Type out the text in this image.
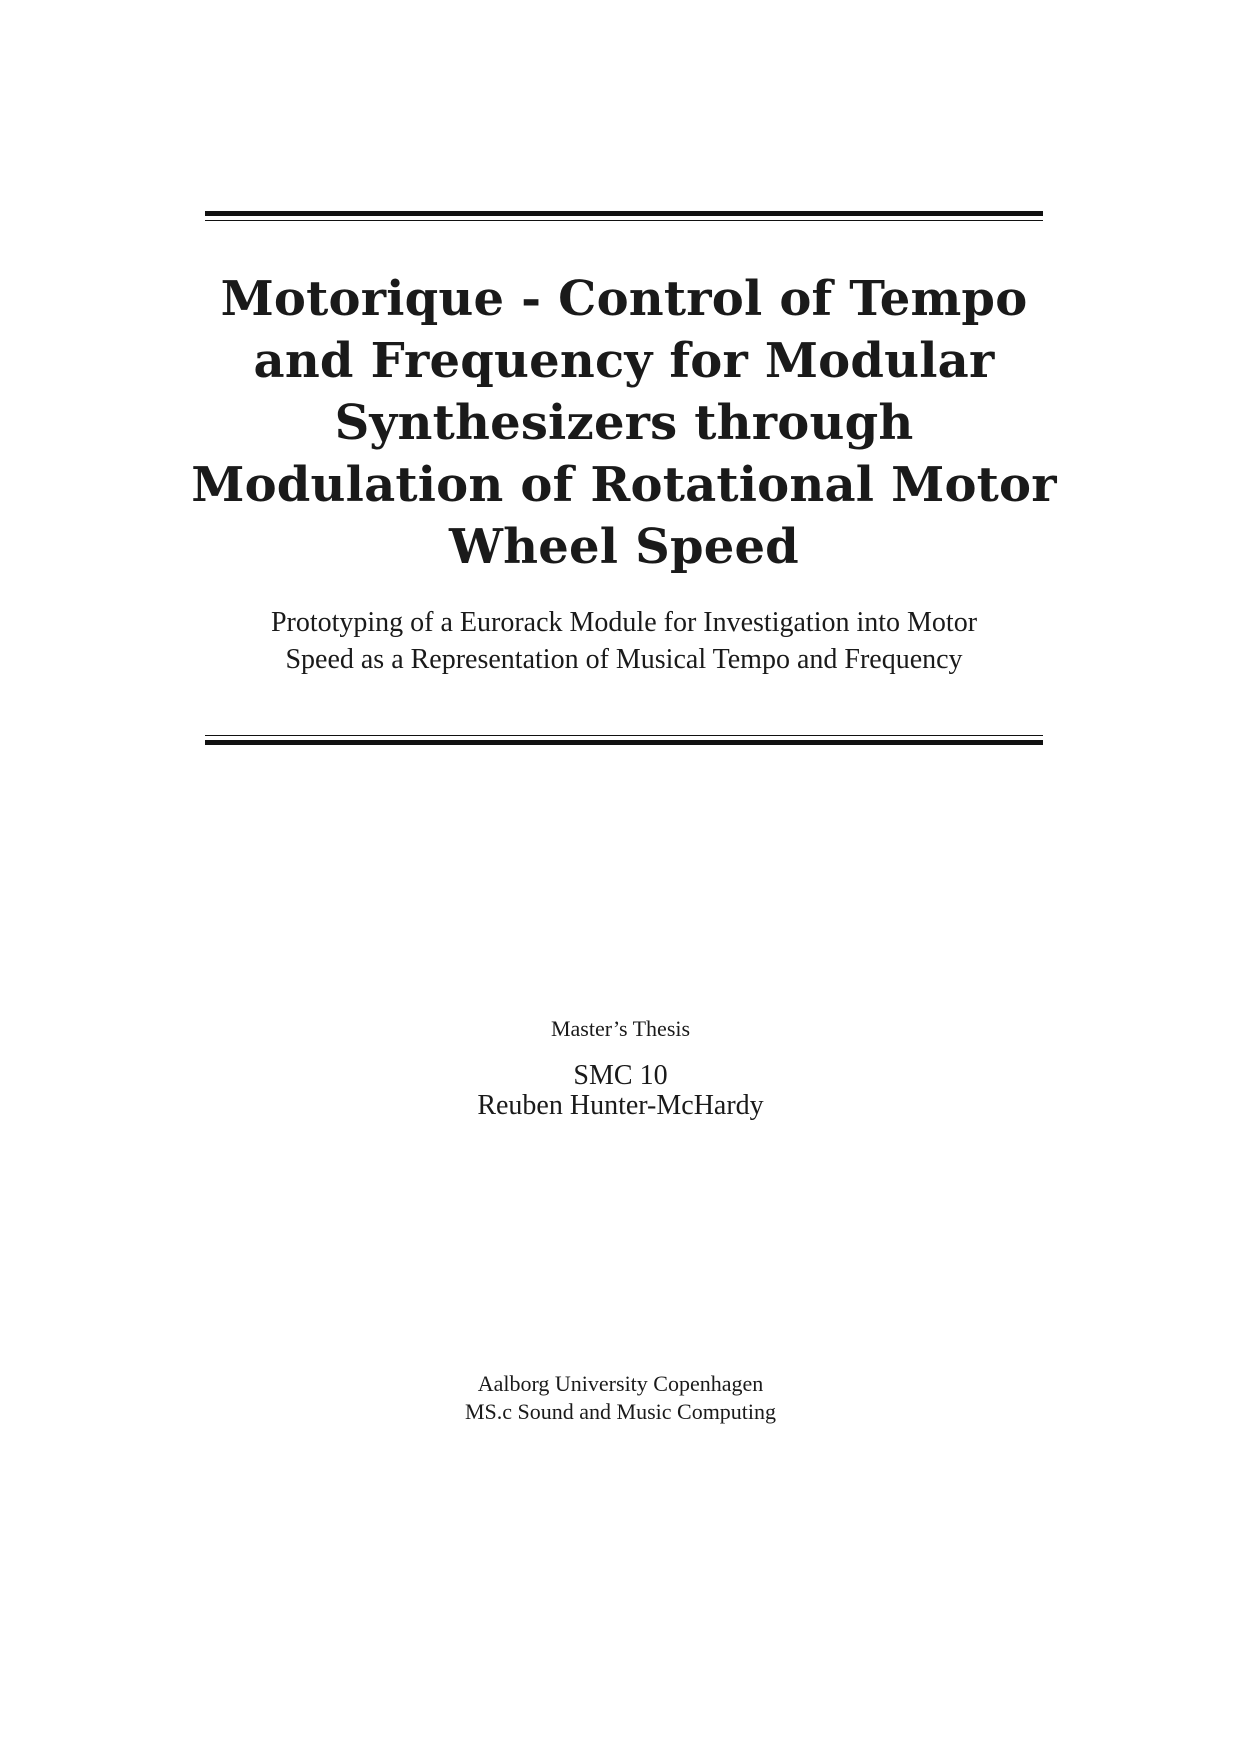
Motorique - Control of Tempo
and Frequency for Modular
Synthesizers through
Modulation of Rotational Motor
Wheel Speed

Prototyping of a Eurorack Module for Investigation into Motor
Speed as a Representation of Musical Tempo and Frequency

Master’s Thesis
SMC 10
Reuben Hunter-McHardy
Aalborg University Copenhagen
MS.c Sound and Music Computing
